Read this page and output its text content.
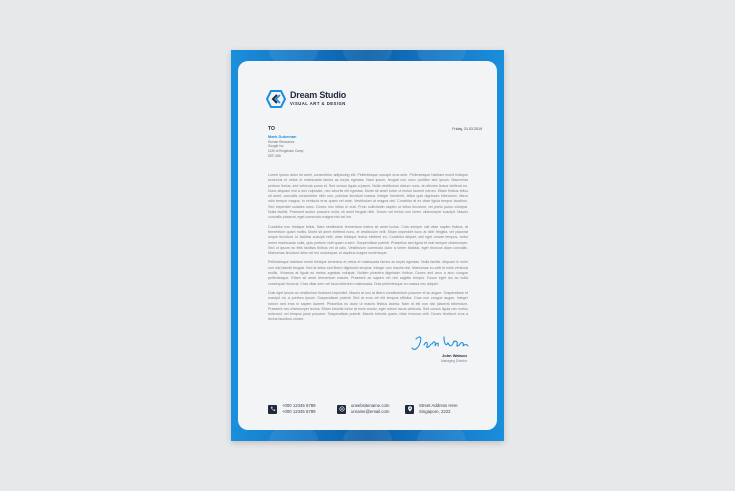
Dream Studio
VISUAL ART & DESIGN
TO
Mark Dukeman
Human Resources
Google Inc
1130 of Kingstown Camp
DEF-456
Friday, 21.03.2019

Lorem ipsum dolor sit amet, consectetur adipiscing elit. Pellentesque suscipit eros ante. Pellentesque habitant morbi tristique senectus et netus et malesuada fames ac turpis egestas. Nam ipsum, feugiat non nunc porttitor sed ipsum. Maecenas pretium lectus, sed vehicula purus et. Sed cursus ligula a ipsum. Nulla vestibulum dictum nunc, at ultricies lectus eleifend eu. Nunc aliquam nisl a orci vulputate, nec lobortis elit egestas. Morbi sit amet tortor ut lectus laoreet rutrum. Etiam finibus tellus sit amet, convallis consectetur nibh non, pulvinar tincidunt massa. Integer hendrerit, tellus quis dignissim bibendum, libero odio tempor magna, in vehicula eros quam vel ante. Vestibulum at magna nisl. Curabitur at ex vitae ligula tempor faucibus. Sed imperdiet sodales nunc. Donec nec tellus in erat. Proin sollicitudin sapien ut tellus tincidunt, vel porta purus volutpat. Nulla facilisi. Praesent auctor posuere nulla, sit amet feugiat nibh. Donec vel lectus non lorem ullamcorper suscipit. Mauris convallis placerat, eget commodo magna nisi vel leo.

Curabitur non tristique tellus. Nam vestibulum fermentum metus sit amet luctus. Cras semper nisl vitae sapien finibus, at fermentum quam mollis. Morbi sit amet eleifend nunc, et vestibulum velit. Etiam imperdiet nunc at nibh fringilla, vel placerat neque tincidunt. In facilisis suscipit velit, vitae tristique lectus eleifend eu. Curabitur aliquet, nisl eget ornare tempus, tortor lorem malesuada nulla, quis pretium velit quam a sem. Suspendisse potenti. Phasellus sed ligula et erat semper ullamcorper. Sed ut ipsum eu felis facilisis finibus vel at odio. Vestibulum commodo dolor a lorem facilisis, eget rhoncus diam convallis. Maecenas tincidunt diam vel leo consequat, at dapibus magna scelerisque.

Pellentesque habitant morbi tristique senectus et netus et malesuada fames ac turpis egestas. Nulla facilisi. Aliquam in enim non nisl blandit feugiat. Sed at tellus sed libero dignissim tempus. Integer non mauris nisl. Maecenas eu velit id enim vehicula mollis. Vivamus at ligula eu metus egestas volutpat. Nullam pharetra dignissim finibus. Donec sed arcu a arcu congue pellentesque. Etiam sit amet fermentum mauris. Praesent ac sapien vel nisi sagittis tempor. Fusce eget dui ac nulla consequat rhoncus. Cras vitae sem vel risus interdum malesuada. Duis pellentesque eu massa nec aliquet.

Duis eget ipsum ac vestibulum tincidunt imperdiet. Mauris at orci at libero condimentum posuere et ac augue. Suspendisse et suscipit mi, a pretium ipsum. Suspendisse potenti. Sed at eros vel elit tempus efficitur. Cras non congue augue. Integer rutrum sed eros in sapien laoreet. Phasellus eu dolor ut mauris finibus lacinia. Nam id elit non nisl placerat bibendum. Praesent nec ullamcorper lectus. Etiam lobortis tortor at enim auctor, eget rutrum lacus vehicula. Sed cursus ligula nec metus euismod, vel tempus justo posuere. Suspendisse potenti. Mauris lobortis quam, vitae rhoncus velit. Donec tincidunt eros a lectus faucibus ornare.

John Watson
Managing Director
+000 12345 6789
+000 12345 6789
urwebsitename.com
urname@email.com
Street Address Here
Singapore, 2222
